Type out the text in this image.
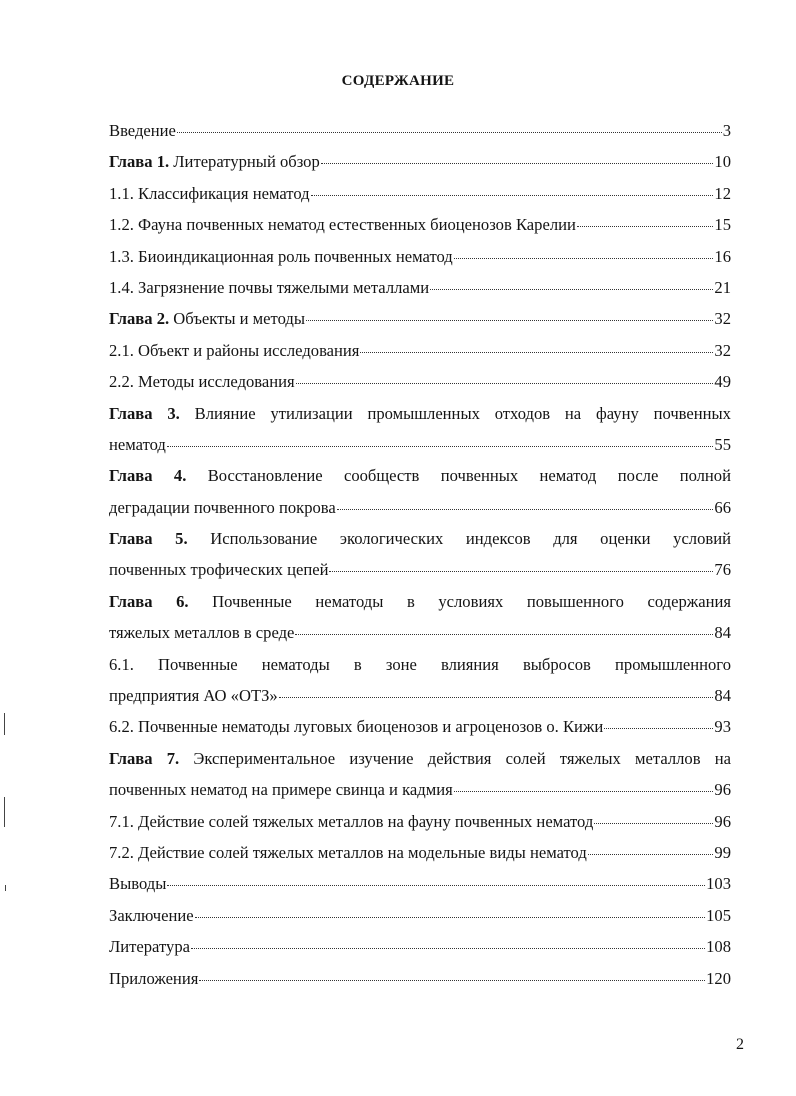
СОДЕРЖАНИЕ
Введение	3
Глава 1. Литературный обзор	10
1.1. Классификация нематод	12
1.2. Фауна почвенных нематод естественных биоценозов Карелии	15
1.3. Биоиндикационная роль почвенных нематод	16
1.4. Загрязнение почвы тяжелыми металлами	21
Глава 2. Объекты и методы	32
2.1. Объект и районы исследования	32
2.2. Методы исследования	49
Глава 3. Влияние утилизации промышленных отходов на фауну почвенных
нематод	55
Глава 4. Восстановление сообществ почвенных нематод после полной
деградации почвенного покрова	66
Глава 5. Использование экологических индексов для оценки условий
почвенных трофических цепей	76
Глава 6. Почвенные нематоды в условиях повышенного содержания
тяжелых металлов в среде	84
6.1. Почвенные нематоды в зоне влияния выбросов промышленного
предприятия АО «ОТЗ»	84
6.2. Почвенные нематоды луговых биоценозов и агроценозов о. Кижи	93
Глава 7. Экспериментальное изучение действия солей тяжелых металлов на
почвенных нематод на примере свинца и кадмия	96
7.1. Действие солей тяжелых металлов на фауну почвенных нематод	96
7.2. Действие солей тяжелых металлов на модельные виды нематод	99
Выводы	103
Заключение	105
Литература	108
Приложения	120
2
